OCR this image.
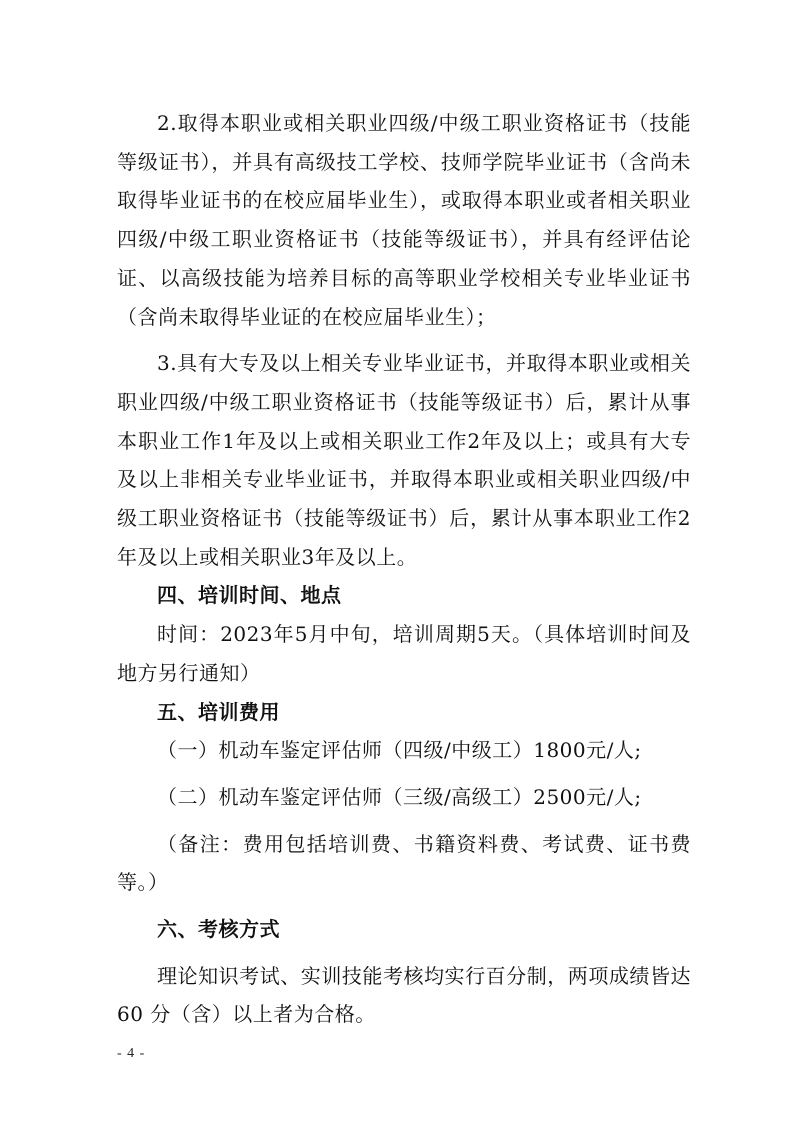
2.取得本职业或相关职业四级/中级工职业资格证书（技能等级证书），并具有高级技工学校、技师学院毕业证书（含尚未取得毕业证书的在校应届毕业生），或取得本职业或者相关职业四级/中级工职业资格证书（技能等级证书），并具有经评估论证、以高级技能为培养目标的高等职业学校相关专业毕业证书（含尚未取得毕业证的在校应届毕业生）；

3.具有大专及以上相关专业毕业证书，并取得本职业或相关职业四级/中级工职业资格证书（技能等级证书）后，累计从事本职业工作1年及以上或相关职业工作2年及以上；或具有大专及以上非相关专业毕业证书，并取得本职业或相关职业四级/中级工职业资格证书（技能等级证书）后，累计从事本职业工作2年及以上或相关职业3年及以上。

四、培训时间、地点

时间：2023年5月中旬，培训周期5天。（具体培训时间及地方另行通知）

五、培训费用

（一）机动车鉴定评估师（四级/中级工）1800元/人;

（二）机动车鉴定评估师（三级/高级工）2500元/人;

（备注：费用包括培训费、书籍资料费、考试费、证书费等。）

六、考核方式

理论知识考试、实训技能考核均实行百分制，两项成绩皆达 60 分（含）以上者为合格。

- 4 -
